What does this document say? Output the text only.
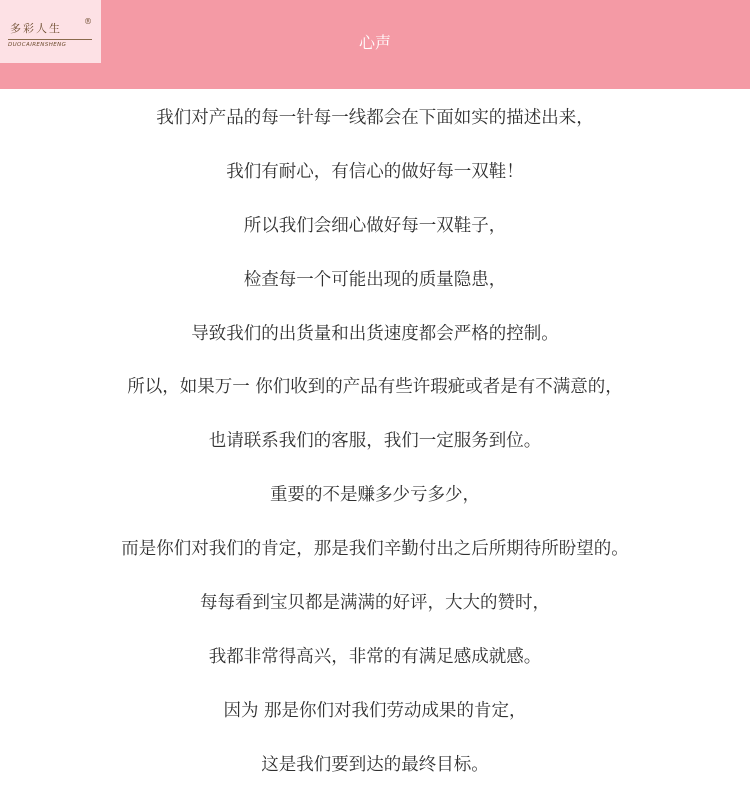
多彩人生
®
DUOCAIRENSHENG	心声
我们对产品的每一针每一线都会在下面如实的描述出来，
我们有耐心，有信心的做好每一双鞋！
所以我们会细心做好每一双鞋子，
检查每一个可能出现的质量隐患，
导致我们的出货量和出货速度都会严格的控制。
所以，如果万一 你们收到的产品有些许瑕疵或者是有不满意的，
也请联系我们的客服，我们一定服务到位。
重要的不是赚多少亏多少，
而是你们对我们的肯定，那是我们辛勤付出之后所期待所盼望的。
每每看到宝贝都是满满的好评，大大的赞时，
我都非常得高兴，非常的有满足感成就感。
因为 那是你们对我们劳动成果的肯定，
这是我们要到达的最终目标。
